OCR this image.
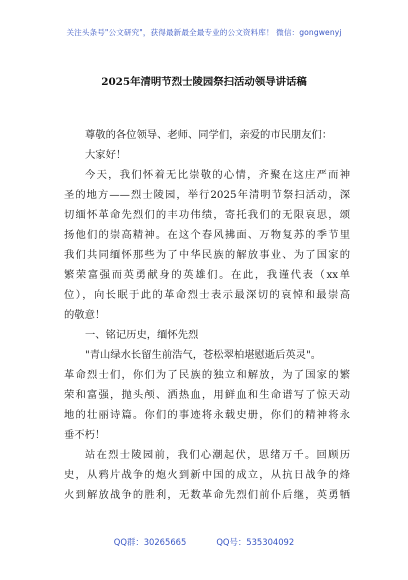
关注头条号"公文研究"，获得最新最全最专业的公文资料库！ 微信：gongwenyj
2025年清明节烈士陵园祭扫活动领导讲话稿
尊敬的各位领导、老师、同学们，亲爱的市民朋友们：
大家好！
今天，我们怀着无比崇敬的心情，齐聚在这庄严而神
圣的地方——烈士陵园，举行2025年清明节祭扫活动，深
切缅怀革命先烈们的丰功伟绩，寄托我们的无限哀思，颂
扬他们的崇高精神。在这个春风拂面、万物复苏的季节里
我们共同缅怀那些为了中华民族的解放事业、为了国家的
繁荣富强而英勇献身的英雄们。在此，我谨代表（xx单
位），向长眠于此的革命烈士表示最深切的哀悼和最崇高
的敬意！
一、铭记历史，缅怀先烈
"青山绿水长留生前浩气，苍松翠柏堪慰逝后英灵"。
革命烈士们，你们为了民族的独立和解放，为了国家的繁
荣和富强，抛头颅、洒热血，用鲜血和生命谱写了惊天动
地的壮丽诗篇。你们的事迹将永载史册，你们的精神将永
垂不朽！
站在烈士陵园前，我们心潮起伏，思绪万千。回顾历
史，从鸦片战争的炮火到新中国的成立，从抗日战争的烽
火到解放战争的胜利，无数革命先烈们前仆后继，英勇牺
QQ群：30265665	QQ号：535304092
